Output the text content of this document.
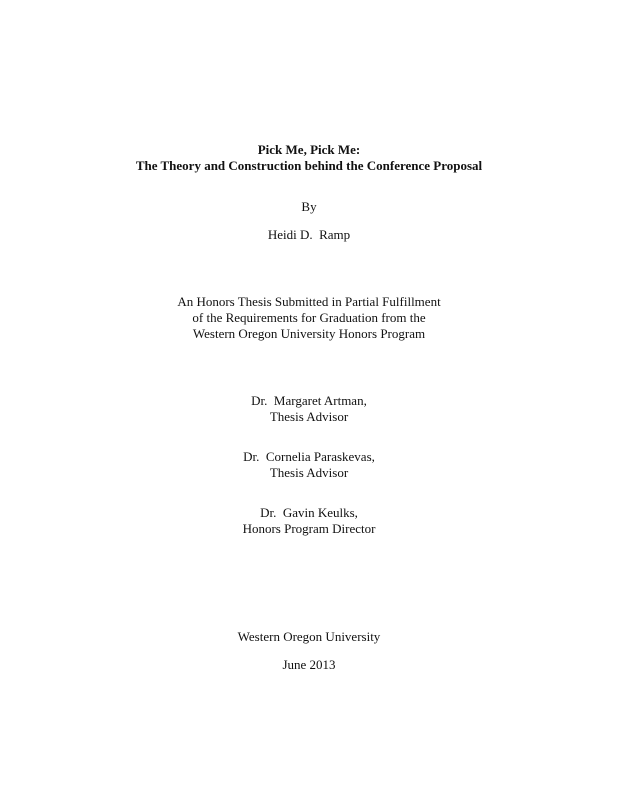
Pick Me, Pick Me:
The Theory and Construction behind the Conference Proposal
By
Heidi D.  Ramp
An Honors Thesis Submitted in Partial Fulfillment
of the Requirements for Graduation from the
Western Oregon University Honors Program
Dr.  Margaret Artman,
Thesis Advisor
Dr.  Cornelia Paraskevas,
Thesis Advisor
Dr.  Gavin Keulks,
Honors Program Director
Western Oregon University
June 2013
